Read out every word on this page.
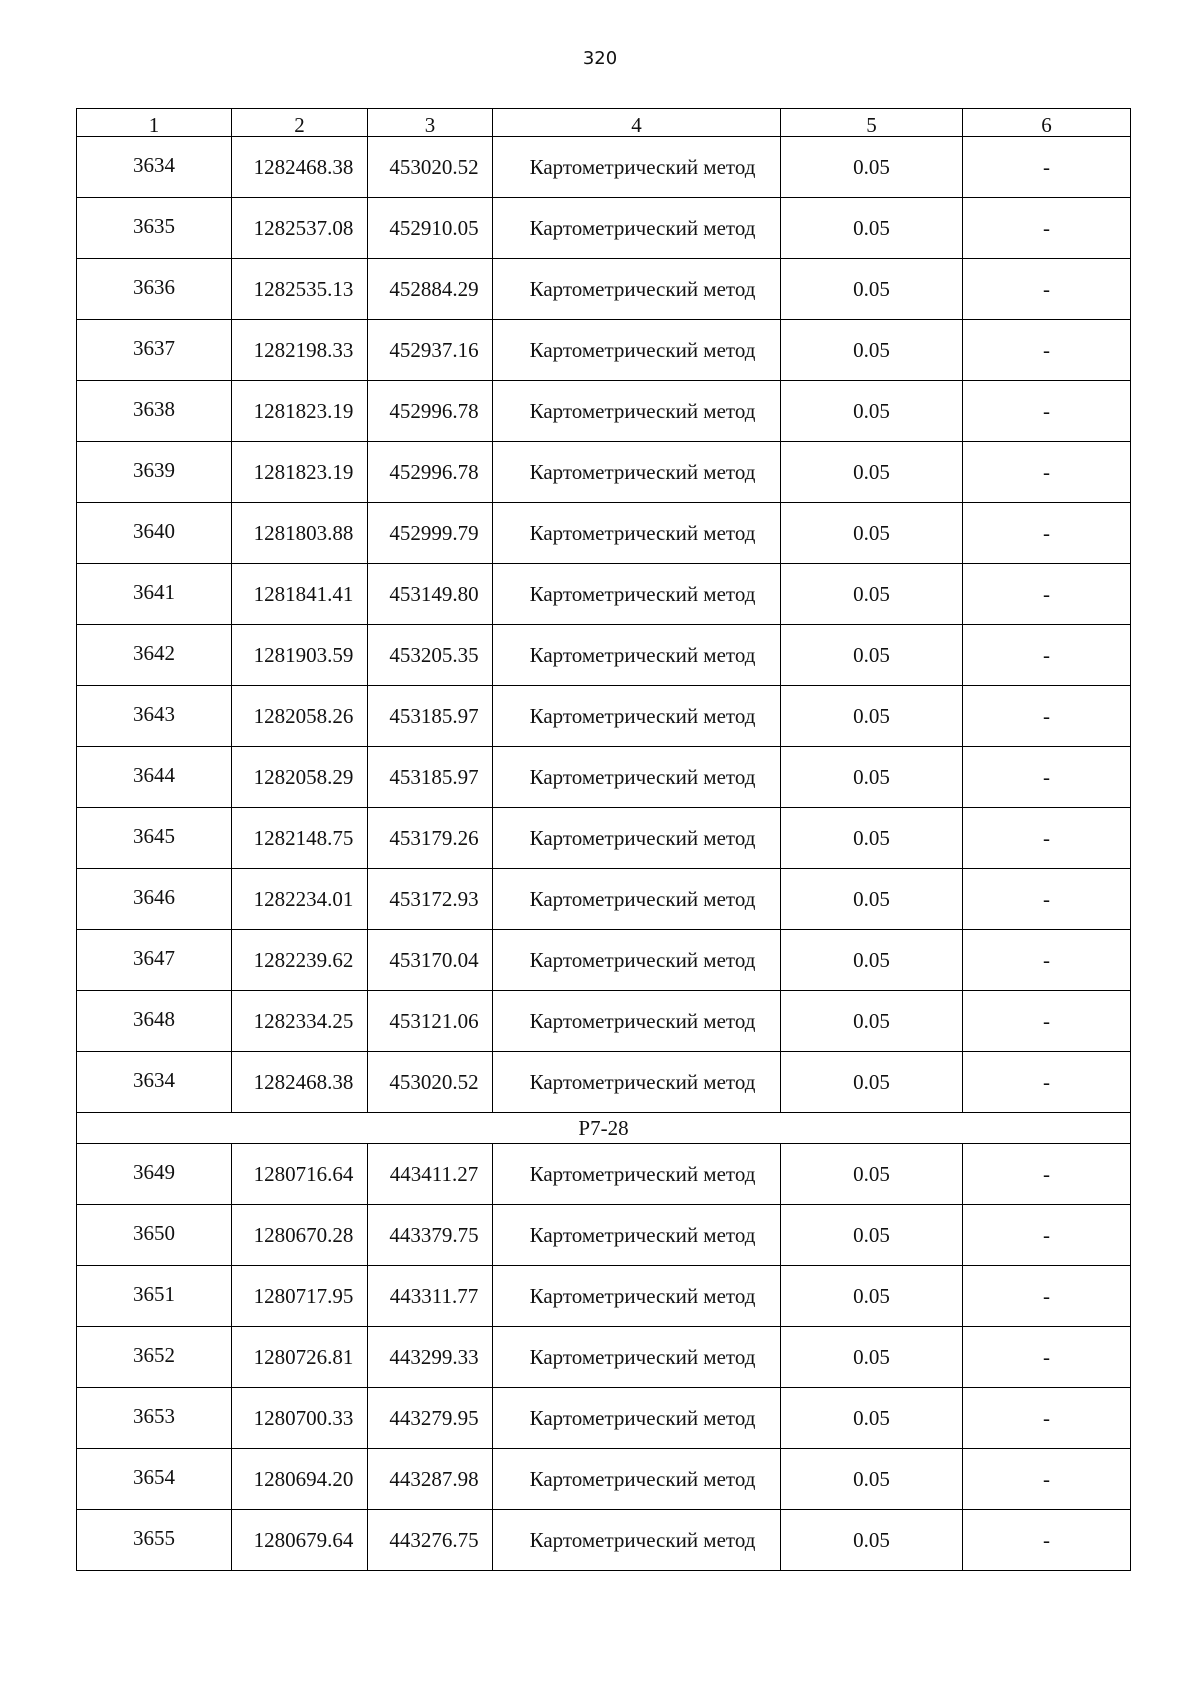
320
1	2	3	4	5	6
3634	1282468.38	453020.52	Картометрический метод	0.05	-
3635	1282537.08	452910.05	Картометрический метод	0.05	-
3636	1282535.13	452884.29	Картометрический метод	0.05	-
3637	1282198.33	452937.16	Картометрический метод	0.05	-
3638	1281823.19	452996.78	Картометрический метод	0.05	-
3639	1281823.19	452996.78	Картометрический метод	0.05	-
3640	1281803.88	452999.79	Картометрический метод	0.05	-
3641	1281841.41	453149.80	Картометрический метод	0.05	-
3642	1281903.59	453205.35	Картометрический метод	0.05	-
3643	1282058.26	453185.97	Картометрический метод	0.05	-
3644	1282058.29	453185.97	Картометрический метод	0.05	-
3645	1282148.75	453179.26	Картометрический метод	0.05	-
3646	1282234.01	453172.93	Картометрический метод	0.05	-
3647	1282239.62	453170.04	Картометрический метод	0.05	-
3648	1282334.25	453121.06	Картометрический метод	0.05	-
3634	1282468.38	453020.52	Картометрический метод	0.05	-
P7-28					
3649	1280716.64	443411.27	Картометрический метод	0.05	-
3650	1280670.28	443379.75	Картометрический метод	0.05	-
3651	1280717.95	443311.77	Картометрический метод	0.05	-
3652	1280726.81	443299.33	Картометрический метод	0.05	-
3653	1280700.33	443279.95	Картометрический метод	0.05	-
3654	1280694.20	443287.98	Картометрический метод	0.05	-
3655	1280679.64	443276.75	Картометрический метод	0.05	-
